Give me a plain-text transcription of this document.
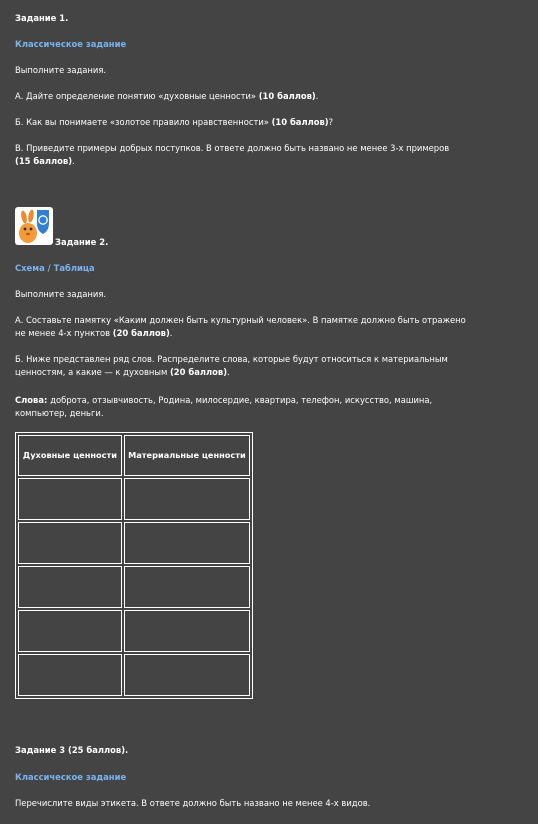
Задание 1.

Классическое задание

Выполните задания.

А. Дайте определение понятию «духовные ценности» (10 баллов).

Б. Как вы понимаете «золотое правило нравственности» (10 баллов)?

В. Приведите примеры добрых поступков. В ответе должно быть названо не менее 3-х примеров (15 баллов).

Задание 2.

Схема / Таблица

Выполните задания.

А. Составьте памятку «Каким должен быть культурный человек». В памятке должно быть отражено не менее 4-х пунктов (20 баллов).

Б. Ниже представлен ряд слов. Распределите слова, которые будут относиться к материальным ценностям, а какие — к духовным (20 баллов).

Слова: доброта, отзывчивость, Родина, милосердие, квартира, телефон, искусство, машина, компьютер, деньги.

Духовные ценности	Материальные ценности

Задание 3 (25 баллов).

Классическое задание

Перечислите виды этикета. В ответе должно быть названо не менее 4-х видов.
